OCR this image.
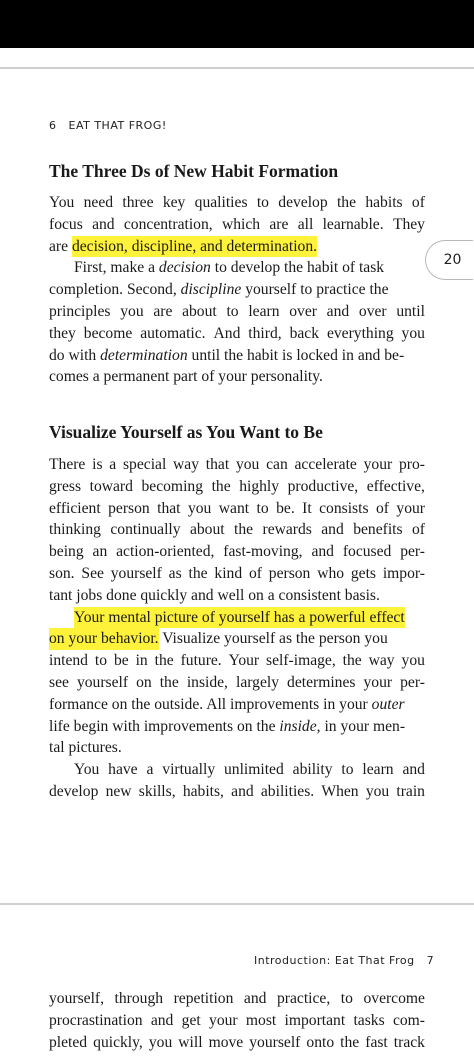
6 EAT THAT FROG!
The Three Ds of New Habit Formation
You need three key qualities to develop the habits of
focus and concentration, which are all learnable. They
are decision, discipline, and determination.
First, make a decision to develop the habit of task
completion. Second, discipline yourself to practice the
principles you are about to learn over and over until
they become automatic. And third, back everything you
do with determination until the habit is locked in and be-
comes a permanent part of your personality.
20
Visualize Yourself as You Want to Be
There is a special way that you can accelerate your pro-
gress toward becoming the highly productive, effective,
efficient person that you want to be. It consists of your
thinking continually about the rewards and benefits of
being an action-oriented, fast-moving, and focused per-
son. See yourself as the kind of person who gets impor-
tant jobs done quickly and well on a consistent basis.
Your mental picture of yourself has a powerful effect
on your behavior. Visualize yourself as the person you
intend to be in the future. Your self-image, the way you
see yourself on the inside, largely determines your per-
formance on the outside. All improvements in your outer
life begin with improvements on the inside, in your men-
tal pictures.
You have a virtually unlimited ability to learn and
develop new skills, habits, and abilities. When you train
Introduction: Eat That Frog 7
yourself, through repetition and practice, to overcome
procrastination and get your most important tasks com-
pleted quickly, you will move yourself onto the fast track
